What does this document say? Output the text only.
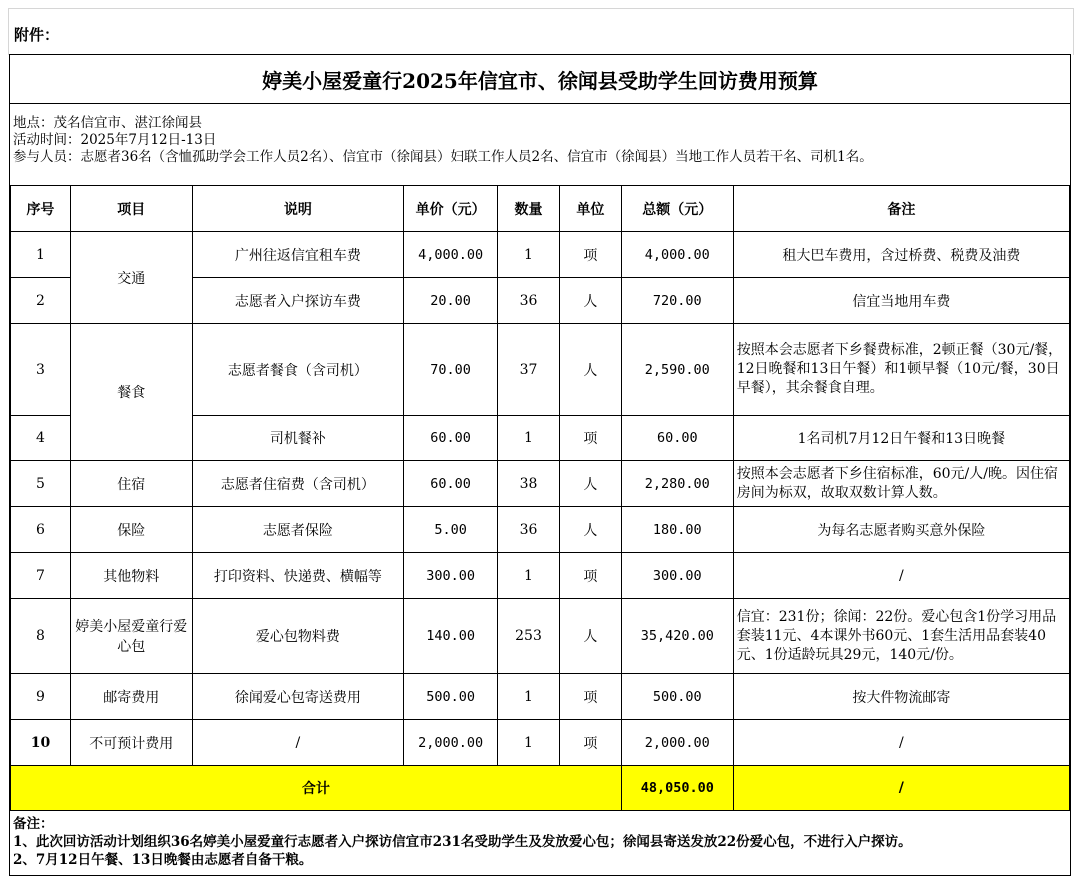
附件：
婷美小屋爱童行2025年信宜市、徐闻县受助学生回访费用预算
地点：茂名信宜市、湛江徐闻县
活动时间：2025年7月12日-13日
参与人员：志愿者36名（含恤孤助学会工作人员2名）、信宜市（徐闻县）妇联工作人员2名、信宜市（徐闻县）当地工作人员若干名、司机1名。
序号	项目	说明	单价（元）	数量	单位	总额（元）	备注
1	交通	广州往返信宜租车费	4,000.00	1	项	4,000.00	租大巴车费用，含过桥费、税费及油费
2		志愿者入户探访车费	20.00	36	人	720.00	信宜当地用车费
3	餐食	志愿者餐食（含司机）	70.00	37	人	2,590.00	按照本会志愿者下乡餐费标准，2顿正餐（30元/餐，12日晚餐和13日午餐）和1顿早餐（10元/餐，30日早餐），其余餐食自理。
4		司机餐补	60.00	1	项	60.00	1名司机7月12日午餐和13日晚餐
5	住宿	志愿者住宿费（含司机）	60.00	38	人	2,280.00	按照本会志愿者下乡住宿标准，60元/人/晚。因住宿房间为标双，故取双数计算人数。
6	保险	志愿者保险	5.00	36	人	180.00	为每名志愿者购买意外保险
7	其他物料	打印资料、快递费、横幅等	300.00	1	项	300.00	/
8	婷美小屋爱童行爱心包	爱心包物料费	140.00	253	人	35,420.00	信宜：231份；徐闻：22份。爱心包含1份学习用品套装11元、4本课外书60元、1套生活用品套装40元、1份适龄玩具29元，140元/份。
9	邮寄费用	徐闻爱心包寄送费用	500.00	1	项	500.00	按大件物流邮寄
10	不可预计费用	/	2,000.00	1	项	2,000.00	/
合计						48,050.00	/
备注：
1、此次回访活动计划组织36名婷美小屋爱童行志愿者入户探访信宜市231名受助学生及发放爱心包；徐闻县寄送发放22份爱心包，不进行入户探访。
2、7月12日午餐、13日晚餐由志愿者自备干粮。
